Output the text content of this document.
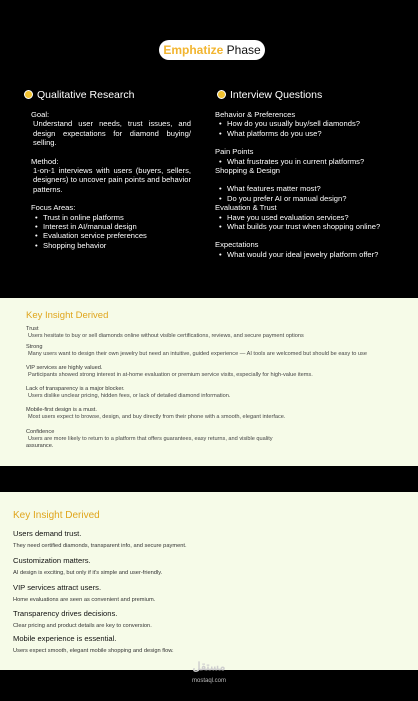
Emphatize Phase
Qualitative Research

Goal:

Understand user needs, trust issues, and design expectations for diamond buying/ selling.

Method:

1-on-1 interviews with users (buyers, sellers, designers) to uncover pain points and behavior patterns.

Focus Areas:

• Trust in online platforms
• Interest in AI/manual design
• Evaluation service preferences
• Shopping behavior
Interview Questions

Behavior & Preferences

• How do you usually buy/sell diamonds?
• What platforms do you use?

Pain Points

• What frustrates you in current platforms?

Shopping & Design

• What features matter most?
• Do you prefer AI or manual design?

Evaluation & Trust

• Have you used evaluation services?
• What builds your trust when shopping online?

Expectations

• What would your ideal jewelry platform offer?
Key Insight Derived
Trust
Users hesitate to buy or sell diamonds online without visible certifications, reviews, and secure payment options
Strong
Many users want to design their own jewelry but need an intuitive, guided experience — AI tools are welcomed but should be easy to use
VIP services are highly valued.
Participants showed strong interest in at-home evaluation or premium service visits, especially for high-value items.
Lack of transparency is a major blocker.
Users dislike unclear pricing, hidden fees, or lack of detailed diamond information.
Mobile-first design is a must.
Most users expect to browse, design, and buy directly from their phone with a smooth, elegant interface.
Confidence
Users are more likely to return to a platform that offers guarantees, easy returns, and visible quality
assurance.
Key Insight Derived
Users demand trust.
They need certified diamonds, transparent info, and secure payment.
Customization matters.
AI design is exciting, but only if it's simple and user-friendly.
VIP services attract users.
Home evaluations are seen as convenient and premium.
Transparency drives decisions.
Clear pricing and product details are key to conversion.
Mobile experience is essential.
Users expect smooth, elegant mobile shopping and design flow.
مستقل
mostaql.com
